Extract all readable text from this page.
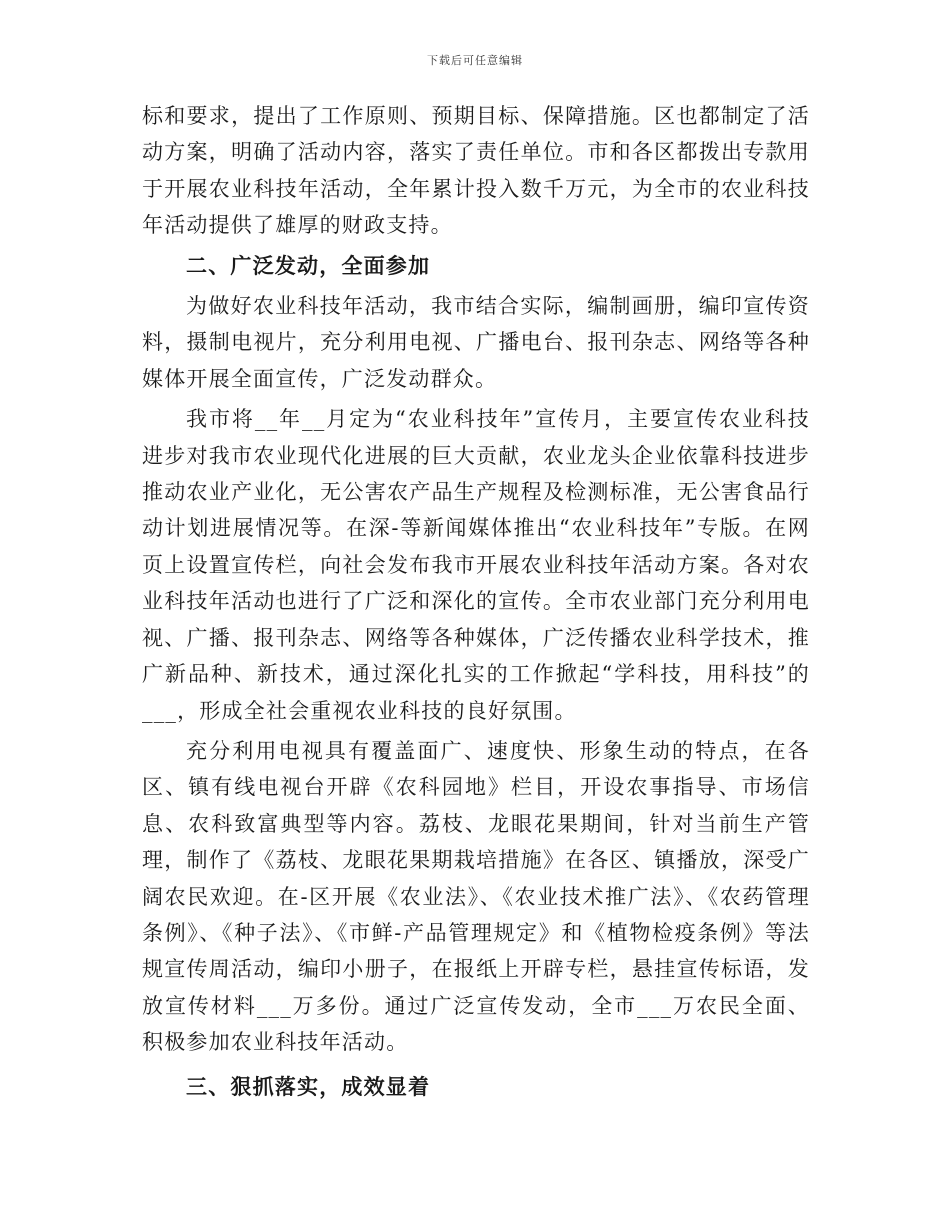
下载后可任意编辑

标和要求，提出了工作原则、预期目标、保障措施。区也都制定了活动方案，明确了活动内容，落实了责任单位。市和各区都拨出专款用于开展农业科技年活动，全年累计投入数千万元，为全市的农业科技年活动提供了雄厚的财政支持。

二、广泛发动，全面参加

为做好农业科技年活动，我市结合实际，编制画册，编印宣传资料，摄制电视片，充分利用电视、广播电台、报刊杂志、网络等各种媒体开展全面宣传，广泛发动群众。

我市将__年__月定为“农业科技年”宣传月，主要宣传农业科技进步对我市农业现代化进展的巨大贡献，农业龙头企业依靠科技进步推动农业产业化，无公害农产品生产规程及检测标准，无公害食品行动计划进展情况等。在深-等新闻媒体推出“农业科技年”专版。在网页上设置宣传栏，向社会发布我市开展农业科技年活动方案。各对农业科技年活动也进行了广泛和深化的宣传。全市农业部门充分利用电视、广播、报刊杂志、网络等各种媒体，广泛传播农业科学技术，推广新品种、新技术，通过深化扎实的工作掀起“学科技，用科技”的___，形成全社会重视农业科技的良好氛围。

充分利用电视具有覆盖面广、速度快、形象生动的特点，在各区、镇有线电视台开辟《农科园地》栏目，开设农事指导、市场信息、农科致富典型等内容。荔枝、龙眼花果期间，针对当前生产管理，制作了《荔枝、龙眼花果期栽培措施》在各区、镇播放，深受广阔农民欢迎。在-区开展《农业法》、《农业技术推广法》、《农药管理条例》、《种子法》、《市鲜-产品管理规定》和《植物检疫条例》等法规宣传周活动，编印小册子，在报纸上开辟专栏，悬挂宣传标语，发放宣传材料___万多份。通过广泛宣传发动，全市___万农民全面、积极参加农业科技年活动。

三、狠抓落实，成效显着
